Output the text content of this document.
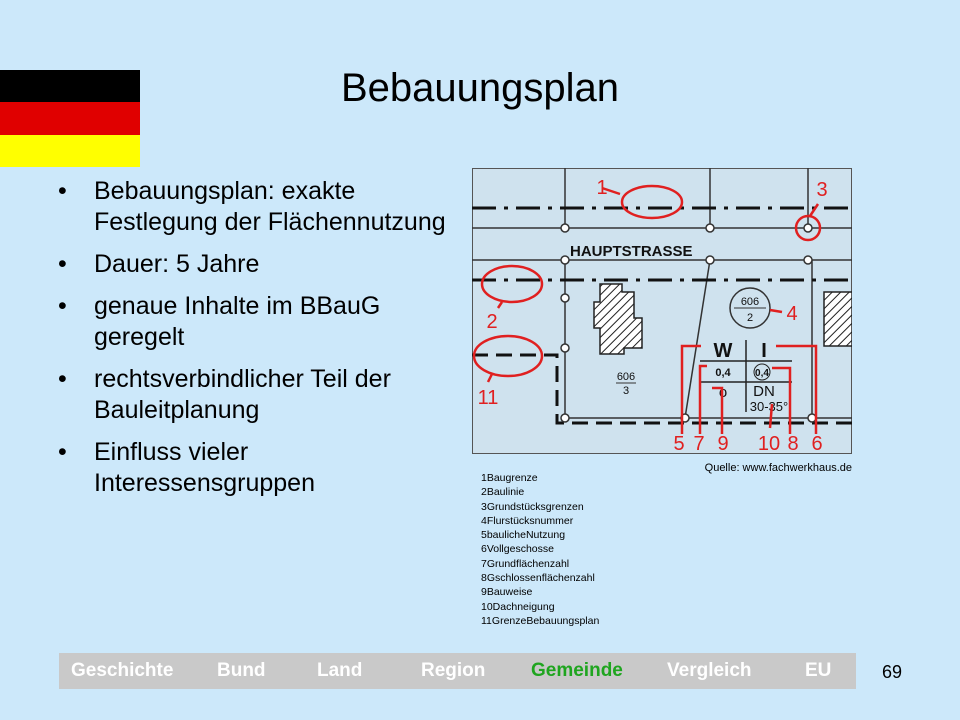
Bebauungsplan
• Bebauungsplan: exakte Festlegung der Flächennutzung
• Dauer: 5 Jahre
• genaue Inhalte im BBauG geregelt
• rechtsverbindlicher Teil der Bauleitplanung
• Einfluss vieler Interessensgruppen
HAUPTSTRASSE
606
2
606
3
W I
0,4 0,4
o DN
30-35°
1
2
3
4
5	6
7	8
9 10
11
Quelle: www.fachwerkhaus.de
1Baugrenze
2Baulinie
3Grundstücksgrenzen
4Flurstücksnummer
5baulicheNutzung
6Vollgeschosse
7Grundflächenzahl
8Gschlossenflächenzahl
9Bauweise
10Dachneigung
11GrenzeBebauungsplan
Geschichte Bund	Land	Region Gemeinde Vergleich	EU	69
